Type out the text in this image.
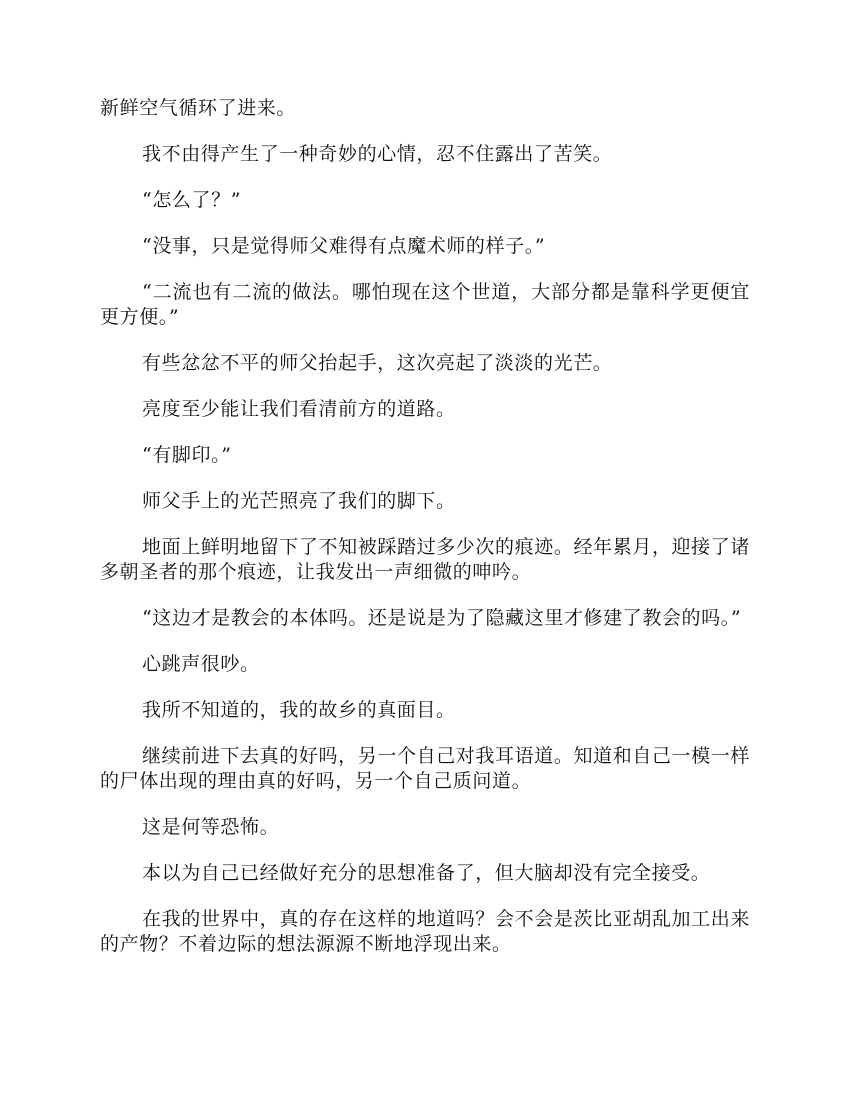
新鲜空气循环了进来。

我不由得产生了一种奇妙的心情，忍不住露出了苦笑。

“怎么了？”

“没事，只是觉得师父难得有点魔术师的样子。”

“二流也有二流的做法。哪怕现在这个世道，大部分都是靠科学更便宜更方便。”

有些忿忿不平的师父抬起手，这次亮起了淡淡的光芒。

亮度至少能让我们看清前方的道路。

“有脚印。”

师父手上的光芒照亮了我们的脚下。

地面上鲜明地留下了不知被踩踏过多少次的痕迹。经年累月，迎接了诸多朝圣者的那个痕迹，让我发出一声细微的呻吟。

“这边才是教会的本体吗。还是说是为了隐藏这里才修建了教会的吗。”

心跳声很吵。

我所不知道的，我的故乡的真面目。

继续前进下去真的好吗，另一个自己对我耳语道。知道和自己一模一样的尸体出现的理由真的好吗，另一个自己质问道。

这是何等恐怖。

本以为自己已经做好充分的思想准备了，但大脑却没有完全接受。

在我的世界中，真的存在这样的地道吗？会不会是茨比亚胡乱加工出来的产物？不着边际的想法源源不断地浮现出来。
